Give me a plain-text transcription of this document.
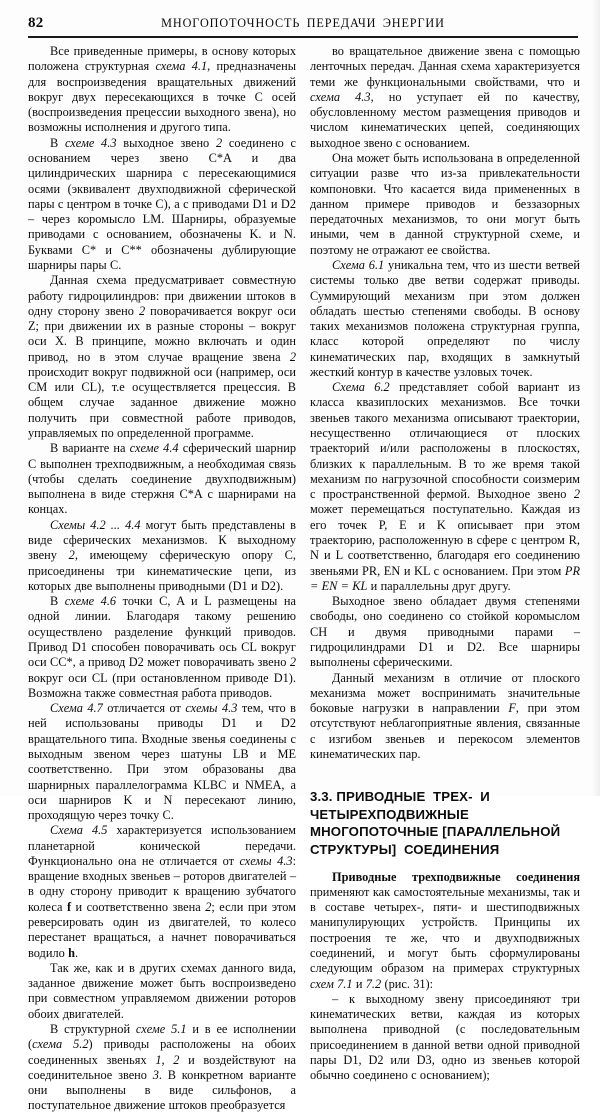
82	МНОГОПОТОЧНОСТЬ ПЕРЕДАЧИ ЭНЕРГИИ

Все приведенные примеры, в основу которых положена структурная схема 4.1, предназначены для воспроизведения вращательных движений вокруг двух пересекающихся в точке C осей (воспроизведения прецессии выходного звена), но возможны исполнения и другого типа.

В схеме 4.3 выходное звено 2 соединено с основанием через звено C*A и два цилиндрических шарнира с пересекающимися осями (эквивалент двухподвижной сферической пары с центром в точке C), а с приводами D1 и D2 – через коромысло LM. Шарниры, образуемые приводами с основанием, обозначены K. и N. Буквами C* и C** обозначены дублирующие шарниры пары C.

Данная схема предусматривает совместную работу гидроцилиндров: при движении штоков в одну сторону звено 2 поворачивается вокруг оси Z; при движении их в разные стороны – вокруг оси X. В принципе, можно включать и один привод, но в этом случае вращение звена 2 происходит вокруг подвижной оси (например, оси CM или CL), т.е осуществляется прецессия. В общем случае заданное движение можно получить при совместной работе приводов, управляемых по определенной программе.

В варианте на схеме 4.4 сферический шарнир C выполнен трехподвижным, а необходимая связь (чтобы сделать соединение двухподвижным) выполнена в виде стержня C*A с шарнирами на концах.

Схемы 4.2 ... 4.4 могут быть представлены в виде сферических механизмов. К выходному звену 2, имеющему сферическую опору C, присоединены три кинематические цепи, из которых две выполнены приводными (D1 и D2).

В схеме 4.6 точки C, A и L размещены на одной линии. Благодаря такому решению осуществлено разделение функций приводов. Привод D1 способен поворачивать ось CL вокруг оси CC*, а привод D2 может поворачивать звено 2 вокруг оси CL (при остановленном приводе D1). Возможна также совместная работа приводов.

Схема 4.7 отличается от схемы 4.3 тем, что в ней использованы приводы D1 и D2 вращательного типа. Входные звенья соединены с выходным звеном через шатуны LB и ME соответственно. При этом образованы два шарнирных параллелограмма KLBC и NMEA, а оси шарниров K и N пересекают линию, проходящую через точку C.

Схема 4.5 характеризуется использованием планетарной конической передачи. Функционально она не отличается от схемы 4.3: вращение входных звеньев – роторов двигателей – в одну сторону приводит к вращению зубчатого колеса f и соответственно звена 2; если при этом реверсировать один из двигателей, то колесо перестанет вращаться, а начнет поворачиваться водило h.

Так же, как и в других схемах данного вида, заданное движение может быть воспроизведено при совместном управляемом движении роторов обоих двигателей.

В структурной схеме 5.1 и в ее исполнении (схема 5.2) приводы расположены на обоих соединенных звеньях 1, 2 и воздействуют на соединительное звено 3. В конкретном варианте они выполнены в виде сильфонов, а поступательное движение штоков преобразуется

во вращательное движение звена с помощью ленточных передач. Данная схема характеризуется теми же функциональными свойствами, что и схема 4.3, но уступает ей по качеству, обусловленному местом размещения приводов и числом кинематических цепей, соединяющих выходное звено с основанием.

Она может быть использована в определенной ситуации разве что из-за привлекательности компоновки. Что касается вида примененных в данном примере приводов и беззазорных передаточных механизмов, то они могут быть иными, чем в данной структурной схеме, и поэтому не отражают ее свойства.

Схема 6.1 уникальна тем, что из шести ветвей системы только две ветви содержат приводы. Суммирующий механизм при этом должен обладать шестью степенями свободы. В основу таких механизмов положена структурная группа, класс которой определяют по числу кинематических пар, входящих в замкнутый жесткий контур в качестве узловых точек.

Схема 6.2 представляет собой вариант из класса квазиплоских механизмов. Все точки звеньев такого механизма описывают траектории, несущественно отличающиеся от плоских траекторий и/или расположены в плоскостях, близких к параллельным. В то же время такой механизм по нагрузочной способности соизмерим с пространственной фермой. Выходное звено 2 может перемещаться поступательно. Каждая из его точек P, E и K описывает при этом траекторию, расположенную в сфере с центром R, N и L соответственно, благодаря его соединению звеньями PR, EN и KL с основанием. При этом PR = EN = KL и параллельны друг другу.

Выходное звено обладает двумя степенями свободы, оно соединено со стойкой коромыслом CH и двумя приводными парами – гидроцилиндрами D1 и D2. Все шарниры выполнены сферическими.

Данный механизм в отличие от плоского механизма может воспринимать значительные боковые нагрузки в направлении F, при этом отсутствуют неблагоприятные явления, связанные с изгибом звеньев и перекосом элементов кинематических пар.

3.3. ПРИВОДНЫЕ  ТРЕХ-  И
ЧЕТЫРЕХПОДВИЖНЫЕ
МНОГОПОТОЧНЫЕ [ПАРАЛЛЕЛЬНОЙ
СТРУКТУРЫ]  СОЕДИНЕНИЯ

Приводные трехподвижные соединения применяют как самостоятельные механизмы, так и в составе четырех-, пяти- и шестиподвижных манипулирующих устройств. Принципы их построения те же, что и двухподвижных соединений, и могут быть сформулированы следующим образом на примерах структурных схем 7.1 и 7.2 (рис. 31):

– к выходному звену присоединяют три кинематических ветви, каждая из которых выполнена приводной (с последовательным присоединением в данной ветви одной приводной пары D1, D2 или D3, одно из звеньев которой обычно соединено с основанием);
